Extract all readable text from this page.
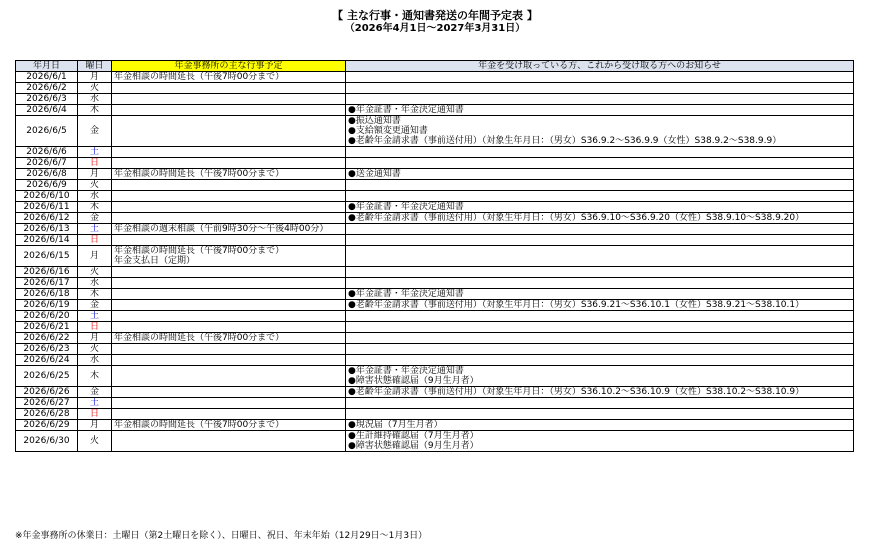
【 主な行事・通知書発送の年間予定表 】
（2026年4月1日～2027年3月31日）
年月日	曜日	年金事務所の主な行事予定	年金を受け取っている方、これから受け取る方へのお知らせ
2026/6/1	月	年金相談の時間延長（午後7時00分まで）	

2026/6/2	火		
2026/6/3	水		
2026/6/4	木		●年金証書・年金決定通知書

2026/6/5	金		●振込通知書
●支給額変更通知書
●老齢年金請求書（事前送付用）（対象生年月日：（男女）S36.9.2～S36.9.9（女性）S38.9.2～S38.9.9）

2026/6/6	土		
2026/6/7	日		
2026/6/8	月	年金相談の時間延長（午後7時00分まで）	●送金通知書

2026/6/9	火		
2026/6/10	水		
2026/6/11	木		●年金証書・年金決定通知書

2026/6/12	金		●老齢年金請求書（事前送付用）（対象生年月日：（男女）S36.9.10～S36.9.20（女性）S38.9.10～S38.9.20）

2026/6/13	土	年金相談の週末相談（午前9時30分～午後4時00分）	

2026/6/14	日		
2026/6/15	月	年金相談の時間延長（午後7時00分まで）
年金支払日（定期）	

2026/6/16	火		
2026/6/17	水		
2026/6/18	木		●年金証書・年金決定通知書

2026/6/19	金		●老齢年金請求書（事前送付用）（対象生年月日：（男女）S36.9.21～S36.10.1（女性）S38.9.21～S38.10.1）

2026/6/20	土		
2026/6/21	日		
2026/6/22	月	年金相談の時間延長（午後7時00分まで）	

2026/6/23	火		
2026/6/24	水		
2026/6/25	木		●年金証書・年金決定通知書
●障害状態確認届（9月生月者）

2026/6/26	金		●老齢年金請求書（事前送付用）（対象生年月日：（男女）S36.10.2～S36.10.9（女性）S38.10.2～S38.10.9）

2026/6/27	土		
2026/6/28	日		
2026/6/29	月	年金相談の時間延長（午後7時00分まで）	●現況届（7月生月者）

2026/6/30	火		●生計維持確認届（7月生月者）
●障害状態確認届（9月生月者）
※年金事務所の休業日：土曜日（第2土曜日を除く）、日曜日、祝日、年末年始（12月29日～1月3日）
